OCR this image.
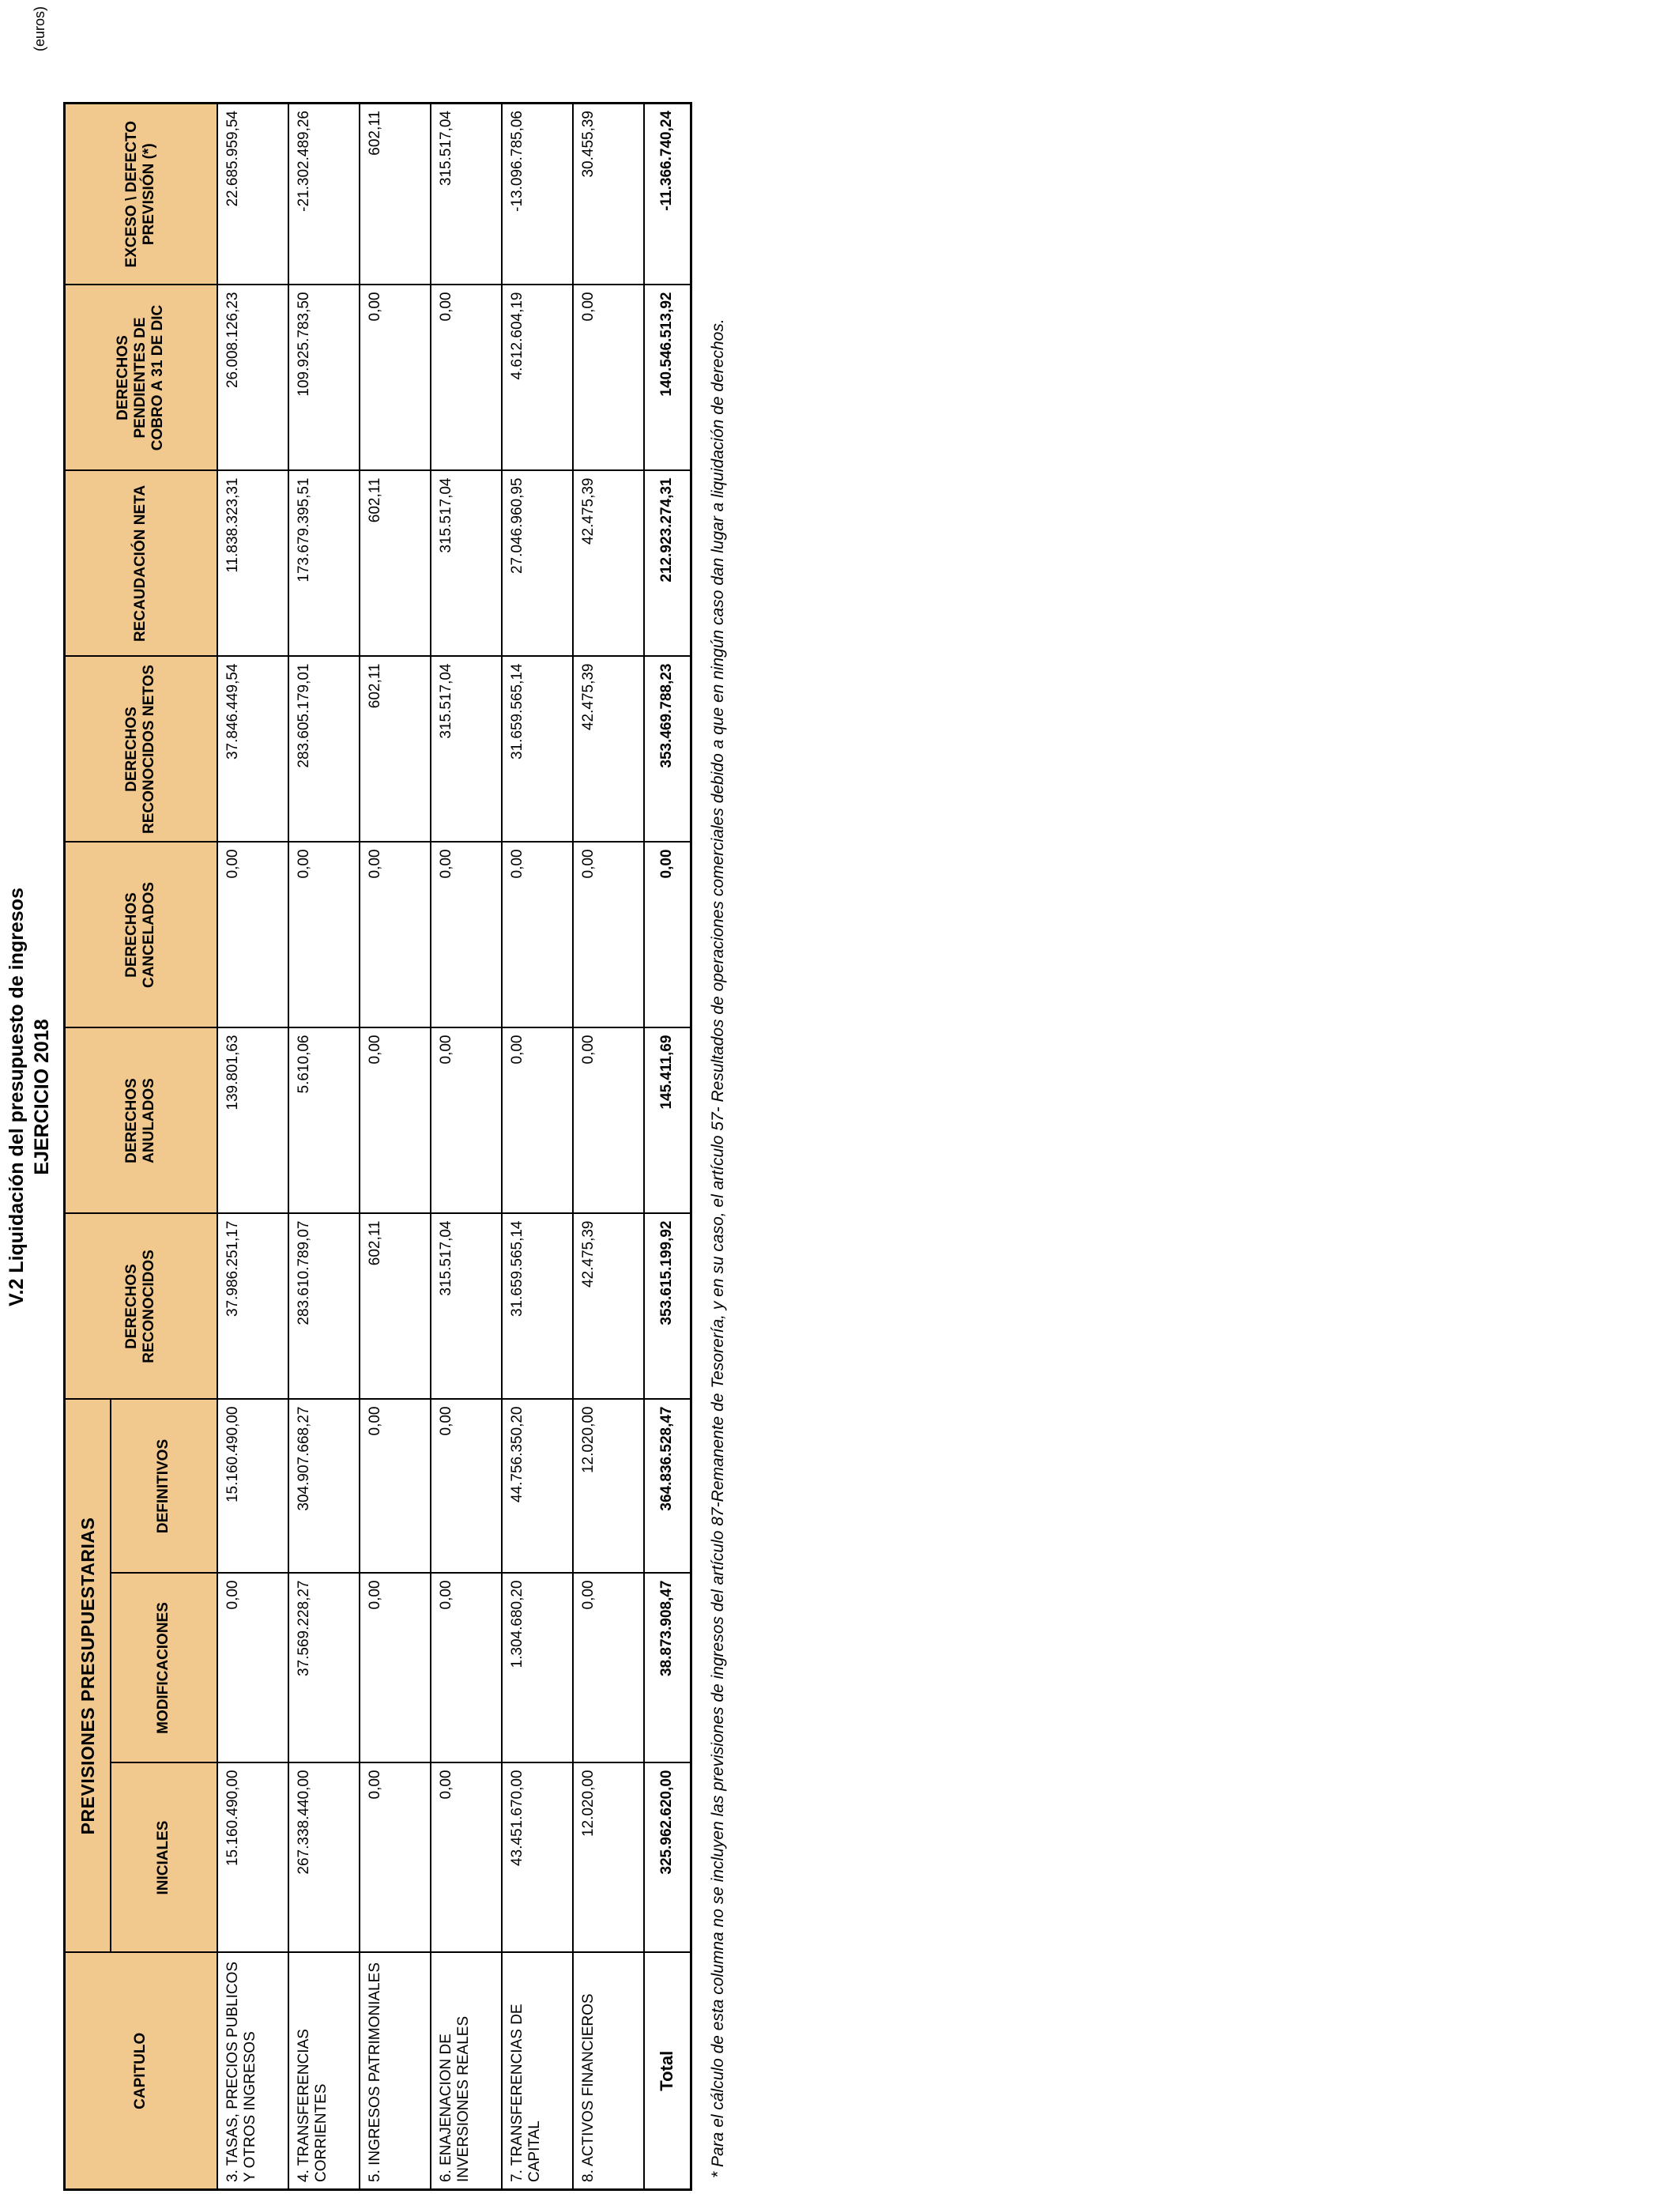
V.2 Liquidación del presupuesto de ingresos EJERCICIO 2018
(euros)
CAPITULO	PREVISIONES PRESUPUESTARIAS			DERECHOS RECONOCIDOS	DERECHOS ANULADOS	DERECHOS CANCELADOS	DERECHOS RECONOCIDOS NETOS	RECAUDACIÓN NETA	DERECHOS PENDIENTES DE COBRO A 31 DE DIC	EXCESO \ DEFECTO PREVISIÓN (*)
	INICIALES	MODIFICACIONES	DEFINITIVOS							
3. TASAS, PRECIOS PUBLICOS Y OTROS INGRESOS	15.160.490,00	0,00	15.160.490,00	37.986.251,17	139.801,63	0,00	37.846.449,54	11.838.323,31	26.008.126,23	22.685.959,54
4. TRANSFERENCIAS CORRIENTES	267.338.440,00	37.569.228,27	304.907.668,27	283.610.789,07	5.610,06	0,00	283.605.179,01	173.679.395,51	109.925.783,50	-21.302.489,26
5. INGRESOS PATRIMONIALES	0,00	0,00	0,00	602,11	0,00	0,00	602,11	602,11	0,00	602,11
6. ENAJENACION DE INVERSIONES REALES	0,00	0,00	0,00	315.517,04	0,00	0,00	315.517,04	315.517,04	0,00	315.517,04
7. TRANSFERENCIAS DE CAPITAL	43.451.670,00	1.304.680,20	44.756.350,20	31.659.565,14	0,00	0,00	31.659.565,14	27.046.960,95	4.612.604,19	-13.096.785,06
8. ACTIVOS FINANCIEROS	12.020,00	0,00	12.020,00	42.475,39	0,00	0,00	42.475,39	42.475,39	0,00	30.455,39
Total	325.962.620,00	38.873.908,47	364.836.528,47	353.615.199,92	145.411,69	0,00	353.469.788,23	212.923.274,31	140.546.513,92	-11.366.740,24
* Para el cálculo de esta columna no se incluyen las previsiones de ingresos del artículo 87-Remanente de Tesorería, y en su caso, el artículo 57- Resultados de operaciones comerciales debido a que en ningún caso dan lugar a liquidación de derechos.
